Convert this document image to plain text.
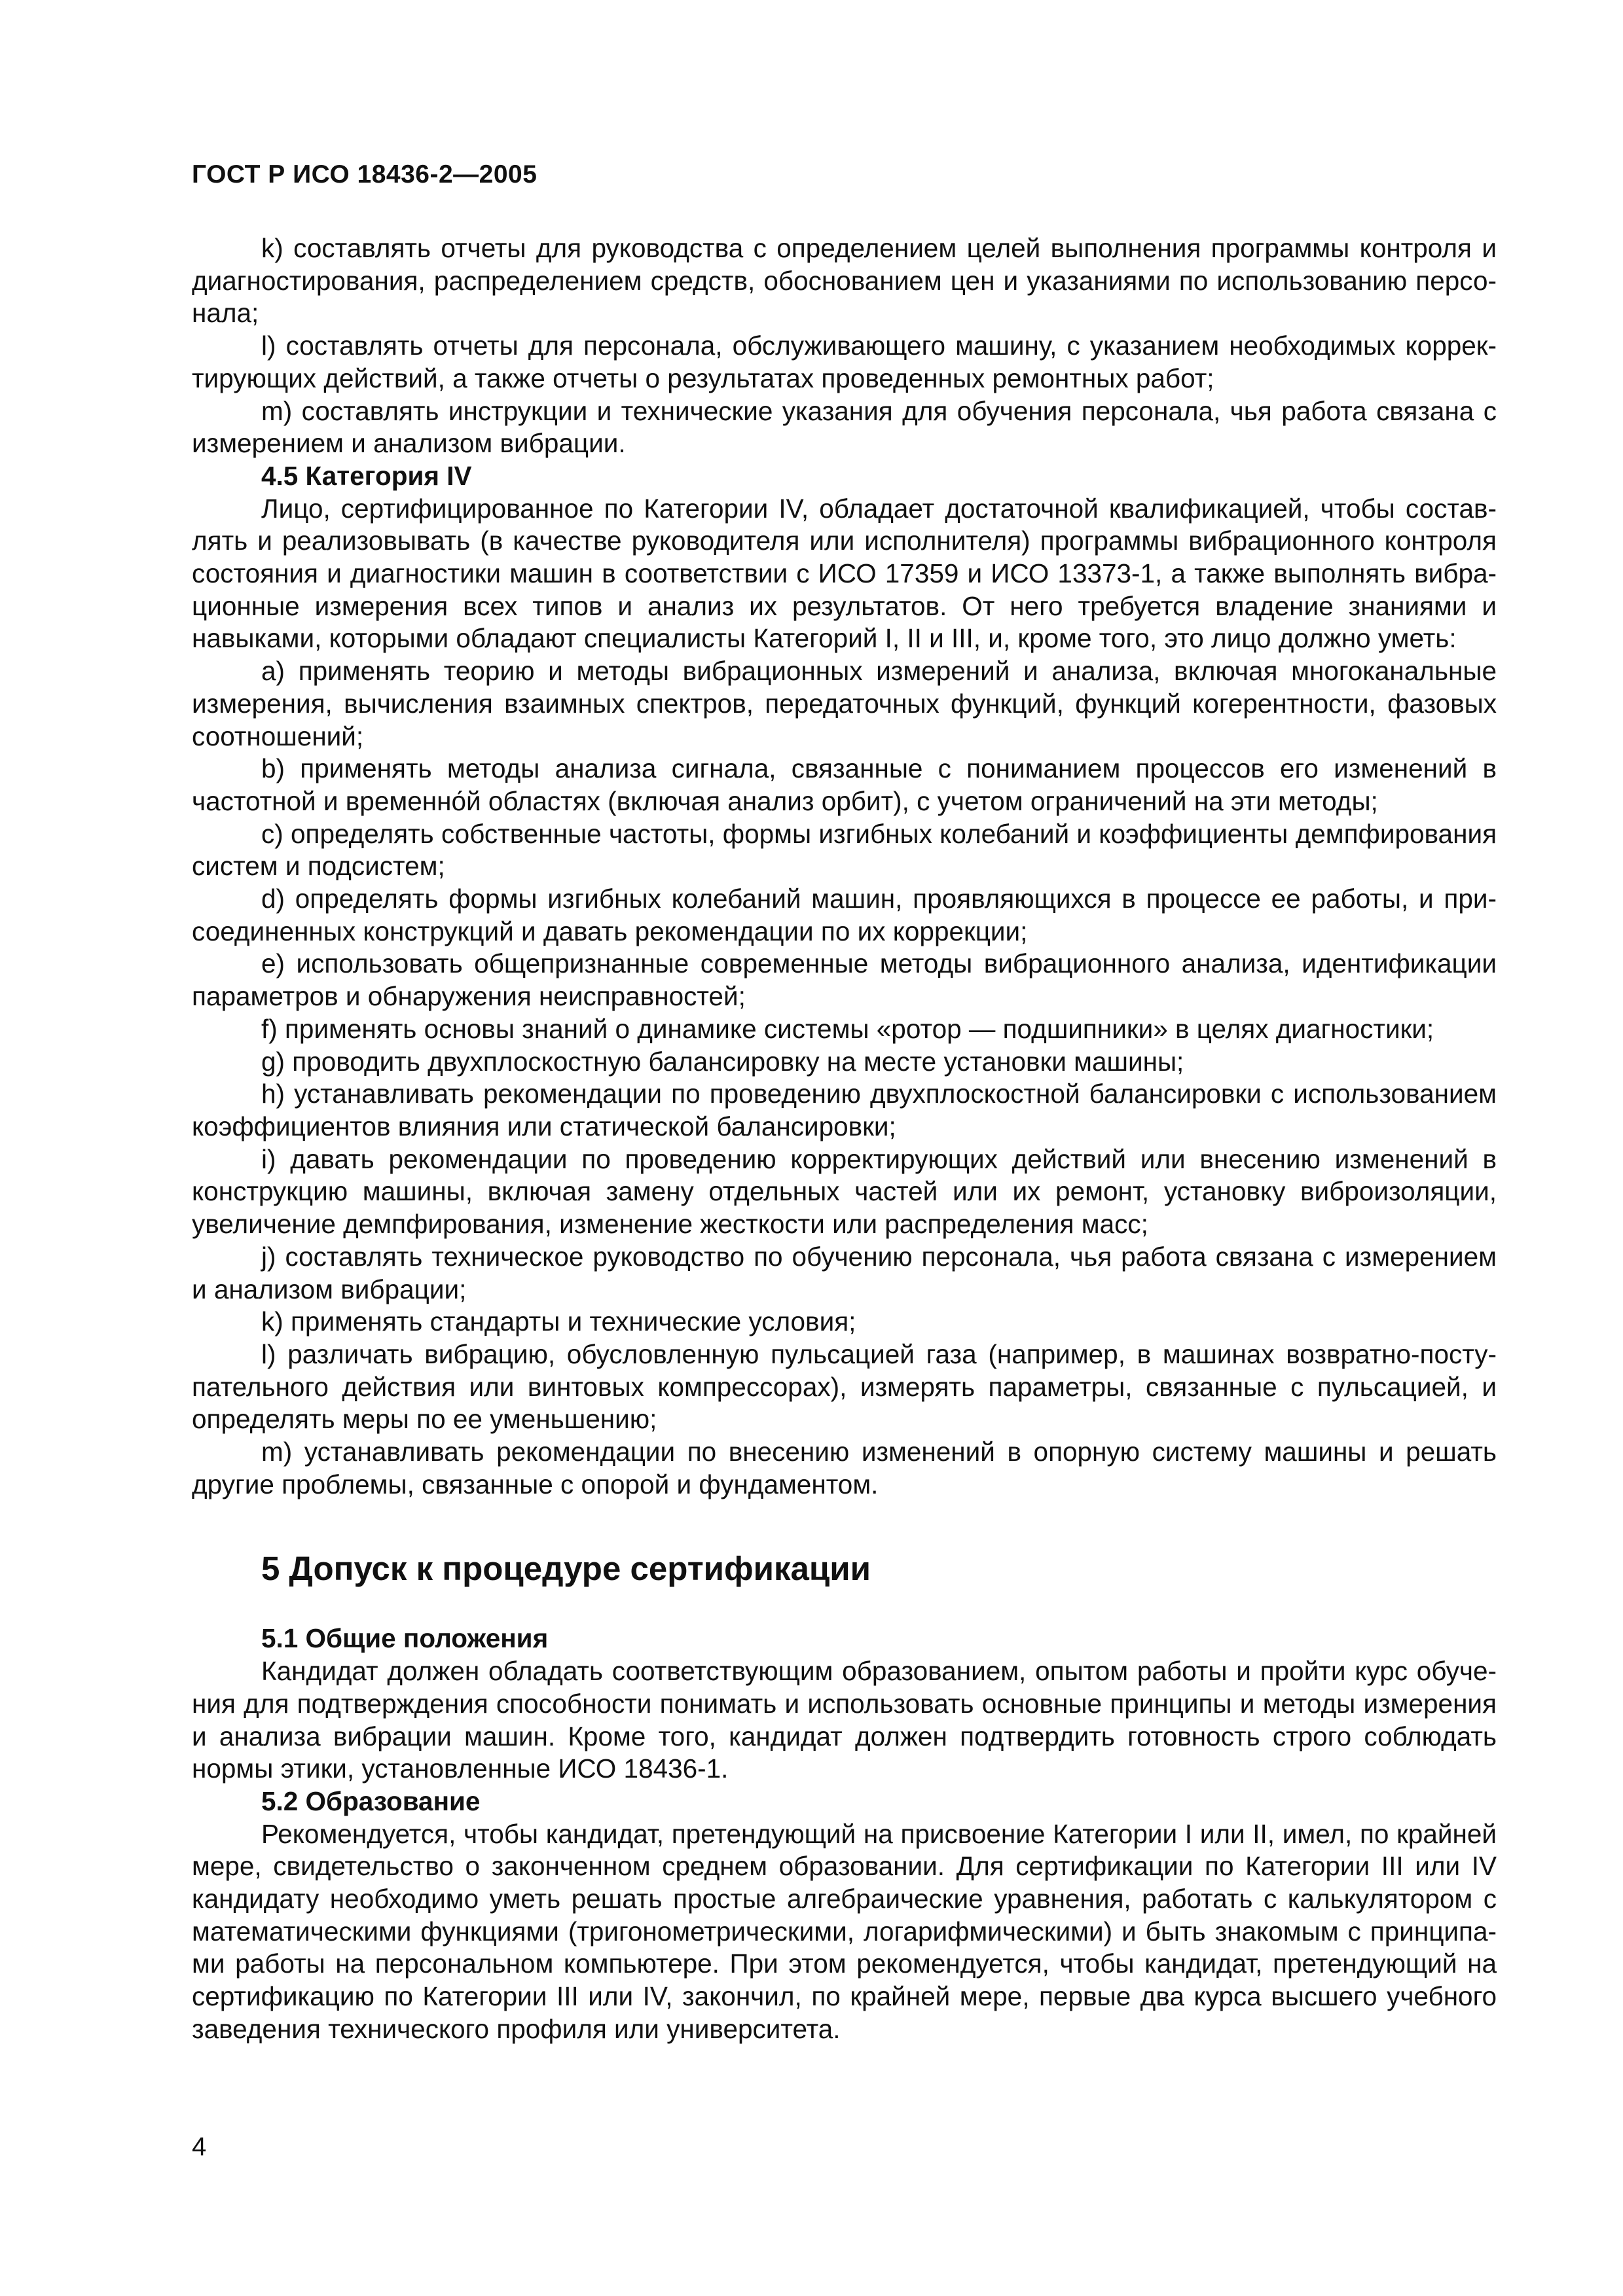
ГОСТ Р ИСО 18436-2—2005

k) составлять отчеты для руководства с определением целей выполнения программы контроля и диагностирования, распределением средств, обоснованием цен и указаниями по использованию персонала;

l) составлять отчеты для персонала, обслуживающего машину, с указанием необходимых корректирующих действий, а также отчеты о результатах проведенных ремонтных работ;

m) составлять инструкции и технические указания для обучения персонала, чья работа связана с измерением и анализом вибрации.

4.5 Категория IV

Лицо, сертифицированное по Категории IV, обладает достаточной квалификацией, чтобы составлять и реализовывать (в качестве руководителя или исполнителя) программы вибрационного контроля состояния и диагностики машин в соответствии с ИСО 17359 и ИСО 13373-1, а также выполнять вибрационные измерения всех типов и анализ их результатов. От него требуется владение знаниями и навыками, которыми обладают специалисты Категорий I, II и III, и, кроме того, это лицо должно уметь:

a) применять теорию и методы вибрационных измерений и анализа, включая многоканальные измерения, вычисления взаимных спектров, передаточных функций, функций когерентности, фазовых соотношений;

b) применять методы анализа сигнала, связанные с пониманием процессов его изменений в частотной и временно́й областях (включая анализ орбит), с учетом ограничений на эти методы;

c) определять собственные частоты, формы изгибных колебаний и коэффициенты демпфирования систем и подсистем;

d) определять формы изгибных колебаний машин, проявляющихся в процессе ее работы, и присоединенных конструкций и давать рекомендации по их коррекции;

e) использовать общепризнанные современные методы вибрационного анализа, идентификации параметров и обнаружения неисправностей;

f) применять основы знаний о динамике системы «ротор — подшипники» в целях диагностики;

g) проводить двухплоскостную балансировку на месте установки машины;

h) устанавливать рекомендации по проведению двухплоскостной балансировки с использованием коэффициентов влияния или статической балансировки;

i) давать рекомендации по проведению корректирующих действий или внесению изменений в конструкцию машины, включая замену отдельных частей или их ремонт, установку виброизоляции, увеличение демпфирования, изменение жесткости или распределения масс;

j) составлять техническое руководство по обучению персонала, чья работа связана с измерением и анализом вибрации;

k) применять стандарты и технические условия;

l) различать вибрацию, обусловленную пульсацией газа (например, в машинах возвратно-поступательного действия или винтовых компрессорах), измерять параметры, связанные с пульсацией, и определять меры по ее уменьшению;

m) устанавливать рекомендации по внесению изменений в опорную систему машины и решать другие проблемы, связанные с опорой и фундаментом.

5 Допуск к процедуре сертификации
5.1 Общие положения

Кандидат должен обладать соответствующим образованием, опытом работы и пройти курс обучения для подтверждения способности понимать и использовать основные принципы и методы измерения и анализа вибрации машин. Кроме того, кандидат должен подтвердить готовность строго соблюдать нормы этики, установленные ИСО 18436-1.

5.2 Образование

Рекомендуется, чтобы кандидат, претендующий на присвоение Категории I или II, имел, по крайней мере, свидетельство о законченном среднем образовании. Для сертификации по Категории III или IV кандидату необходимо уметь решать простые алгебраические уравнения, работать с калькулятором с математическими функциями (тригонометрическими, логарифмическими) и быть знакомым с принципами работы на персональном компьютере. При этом рекомендуется, чтобы кандидат, претендующий на сертификацию по Категории III или IV, закончил, по крайней мере, первые два курса высшего учебного заведения технического профиля или университета.

4
